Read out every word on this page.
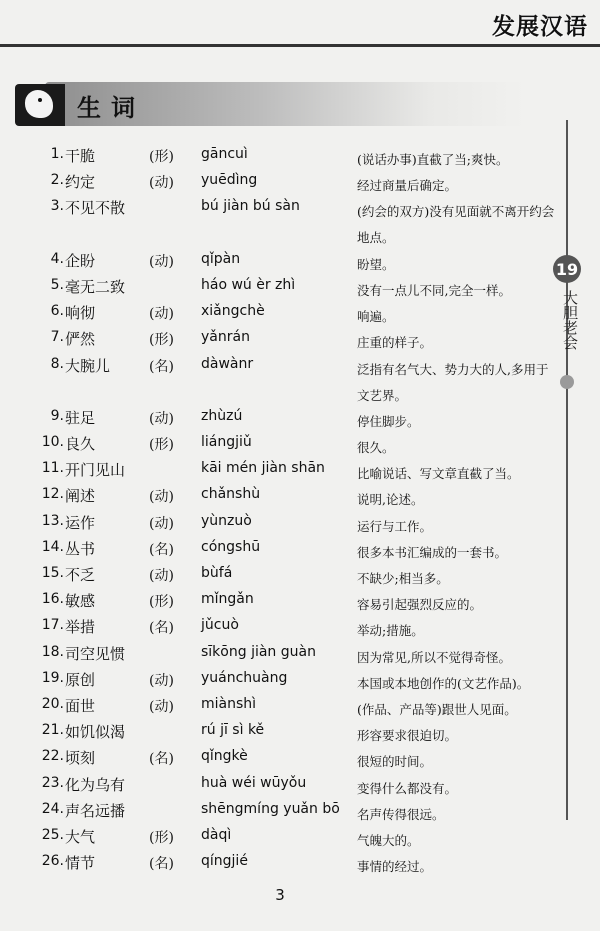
发展汉语
19
大胆老会
生词
1. 干脆	(形) gāncuì	(说话办事)直截了当;爽快。
2. 约定	(动) yuēdìng	经过商量后确定。
3. 不见不散	bú jiàn bú sàn	(约会的双方)没有见面就不离开约会地点。
4. 企盼	(动) qǐpàn	盼望。
5. 毫无二致	háo wú èr zhì	没有一点儿不同,完全一样。
6. 响彻	(动) xiǎngchè	响遍。
7. 俨然	(形) yǎnrán	庄重的样子。
8. 大腕儿	(名) dàwànr	泛指有名气大、势力大的人,多用于文艺界。
9. 驻足	(动) zhùzú	停住脚步。
10. 良久	(形) liángjiǔ	很久。
11. 开门见山	kāi mén jiàn shān	比喻说话、写文章直截了当。
12. 阐述	(动) chǎnshù	说明,论述。
13. 运作	(动) yùnzuò	运行与工作。
14. 丛书	(名) cóngshū	很多本书汇编成的一套书。
15. 不乏	(动) bùfá	不缺少;相当多。
16. 敏感	(形) mǐngǎn	容易引起强烈反应的。
17. 举措	(名) jǔcuò	举动;措施。
18. 司空见惯	sīkōng jiàn guàn	因为常见,所以不觉得奇怪。
19. 原创	(动) yuánchuàng	本国或本地创作的(文艺作品)。
20. 面世	(动) miànshì	(作品、产品等)跟世人见面。
21. 如饥似渴	rú jī sì kě	形容要求很迫切。
22. 顷刻	(名) qǐngkè	很短的时间。
23. 化为乌有	huà wéi wūyǒu	变得什么都没有。
24. 声名远播	shēngmíng yuǎn bō 名声传得很远。
25. 大气	(形) dàqì	气魄大的。
26. 情节	(名) qíngjié	事情的经过。
3
